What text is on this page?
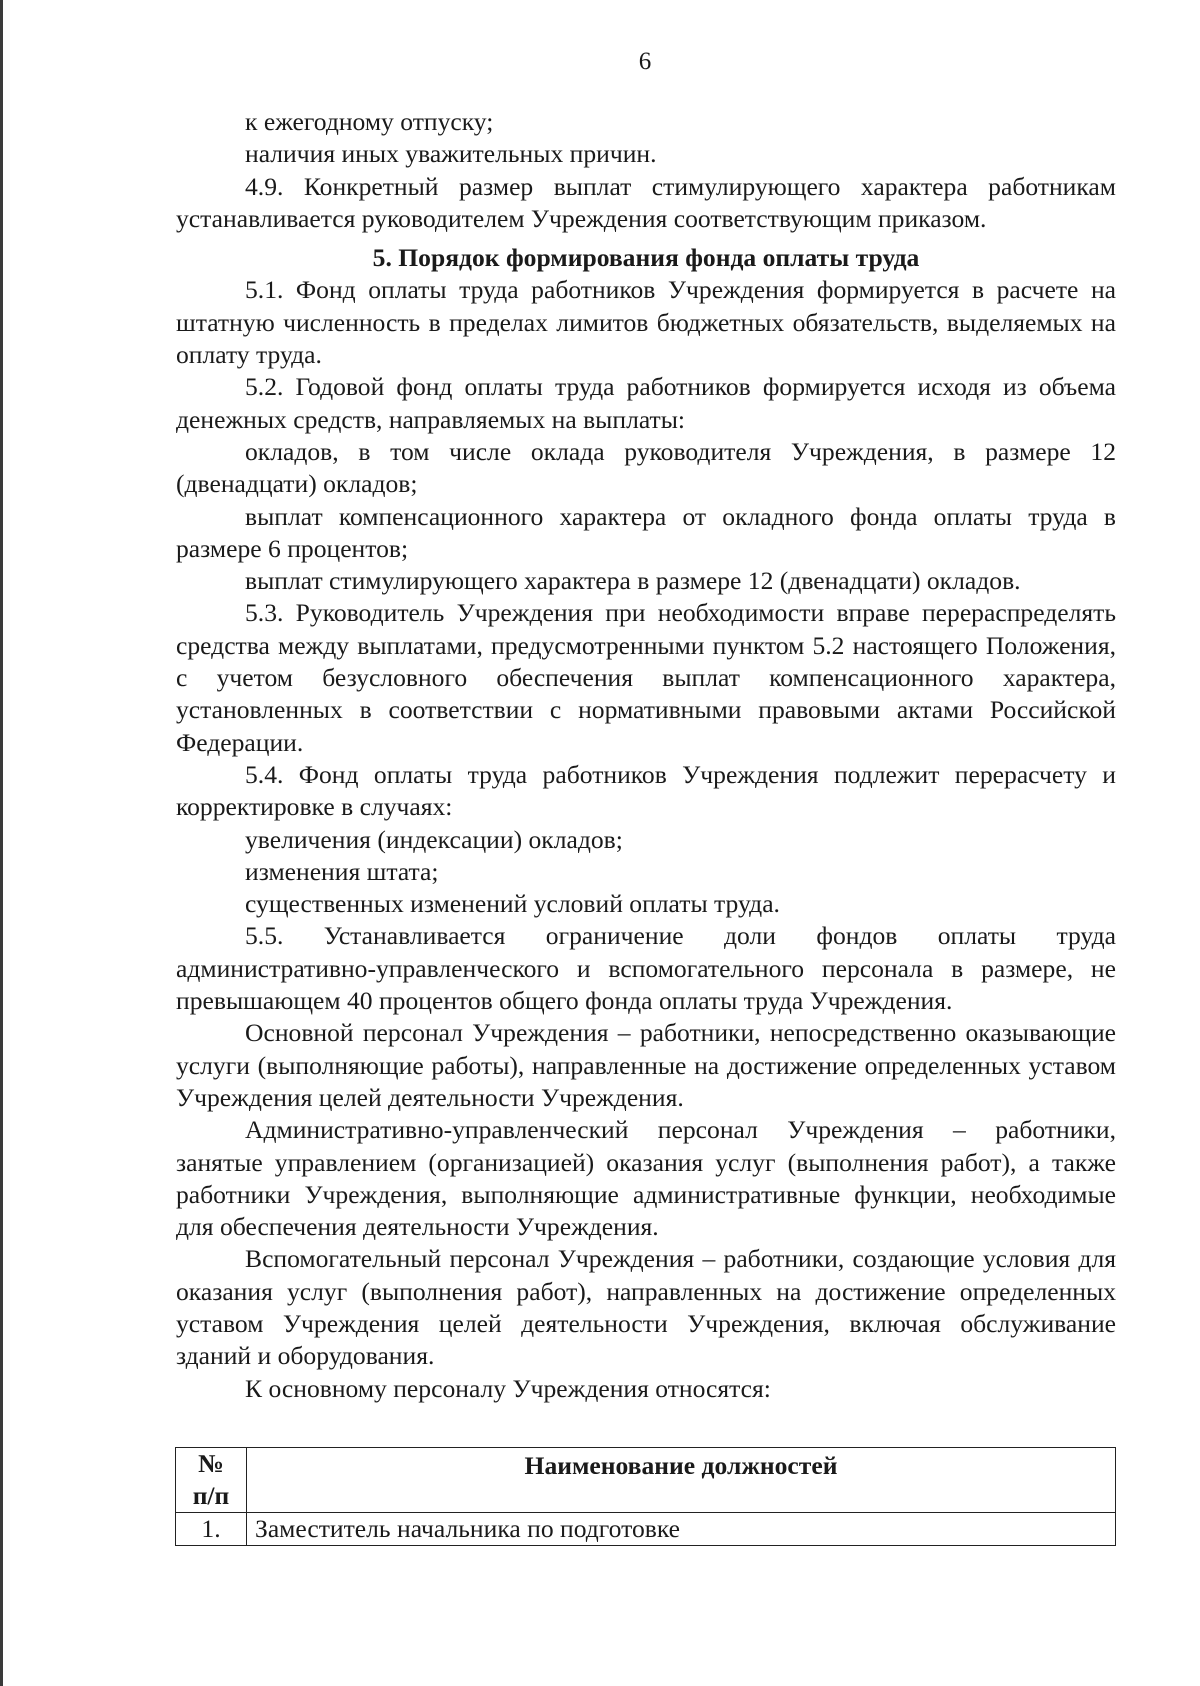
6

к ежегодному отпуску;

наличия иных уважительных причин.

4.9. Конкретный размер выплат стимулирующего характера работникам устанавливается руководителем Учреждения соответствующим приказом.

5. Порядок формирования фонда оплаты труда

5.1. Фонд оплаты труда работников Учреждения формируется в расчете на штатную численность в пределах лимитов бюджетных обязательств, выделяемых на оплату труда.

5.2. Годовой фонд оплаты труда работников формируется исходя из объема денежных средств, направляемых на выплаты:

окладов, в том числе оклада руководителя Учреждения, в размере 12 (двенадцати) окладов;

выплат компенсационного характера от окладного фонда оплаты труда в размере 6 процентов;

выплат стимулирующего характера в размере 12 (двенадцати) окладов.

5.3. Руководитель Учреждения при необходимости вправе перераспределять средства между выплатами, предусмотренными пунктом 5.2 настоящего Положения, с учетом безусловного обеспечения выплат компенсационного характера, установленных в соответствии с нормативными правовыми актами Российской Федерации.

5.4. Фонд оплаты труда работников Учреждения подлежит перерасчету и корректировке в случаях:

увеличения (индексации) окладов;

изменения штата;

существенных изменений условий оплаты труда.

5.5. Устанавливается ограничение доли фондов оплаты труда административно-управленческого и вспомогательного персонала в размере, не превышающем 40 процентов общего фонда оплаты труда Учреждения.

Основной персонал Учреждения – работники, непосредственно оказывающие услуги (выполняющие работы), направленные на достижение определенных уставом Учреждения целей деятельности Учреждения.

Административно-управленческий персонал Учреждения – работники, занятые управлением (организацией) оказания услуг (выполнения работ), а также работники Учреждения, выполняющие административные функции, необходимые для обеспечения деятельности Учреждения.

Вспомогательный персонал Учреждения – работники, создающие условия для оказания услуг (выполнения работ), направленных на достижение определенных уставом Учреждения целей деятельности Учреждения, включая обслуживание зданий и оборудования.

К основному персоналу Учреждения относятся:

№
п/п	Наименование должностей
1.	Заместитель начальника по подготовке
